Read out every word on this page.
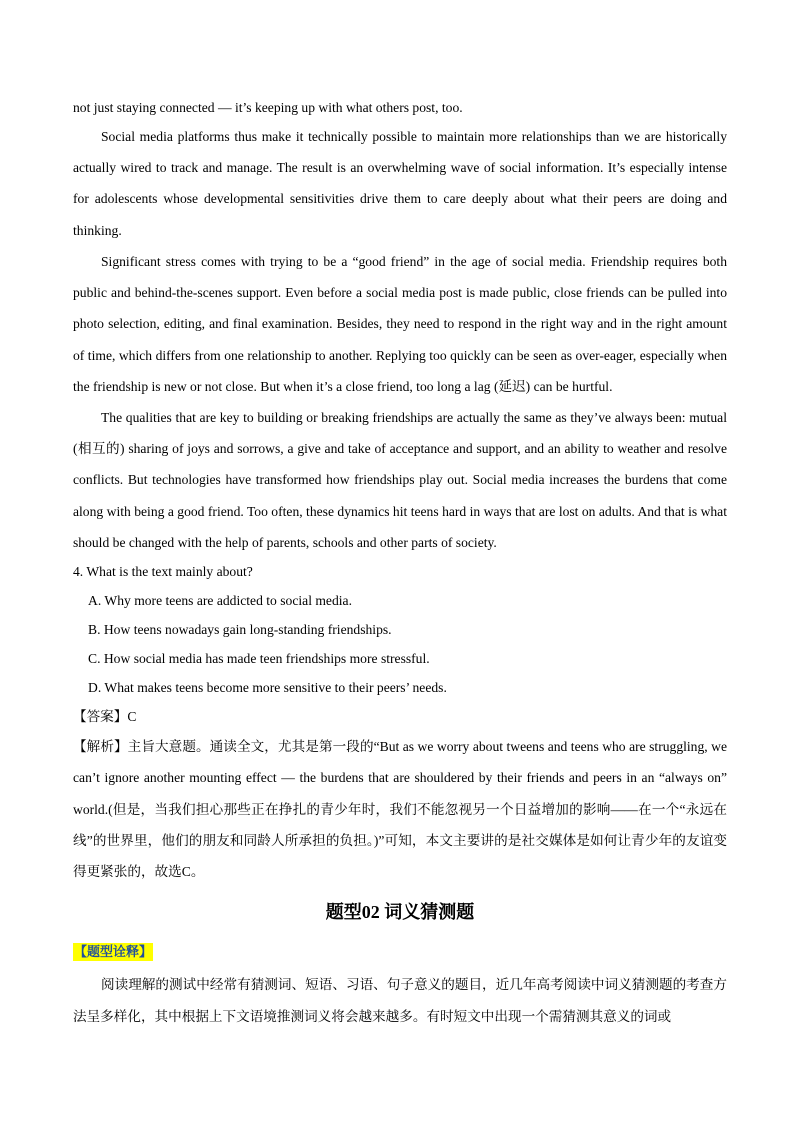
not just staying connected — it’s keeping up with what others post, too.

Social media platforms thus make it technically possible to maintain more relationships than we are historically actually wired to track and manage. The result is an overwhelming wave of social information. It’s especially intense for adolescents whose developmental sensitivities drive them to care deeply about what their peers are doing and thinking.

Significant stress comes with trying to be a “good friend” in the age of social media. Friendship requires both public and behind-the-scenes support. Even before a social media post is made public, close friends can be pulled into photo selection, editing, and final examination. Besides, they need to respond in the right way and in the right amount of time, which differs from one relationship to another. Replying too quickly can be seen as over-eager, especially when the friendship is new or not close. But when it’s a close friend, too long a lag (延迟) can be hurtful.

The qualities that are key to building or breaking friendships are actually the same as they’ve always been: mutual (相互的) sharing of joys and sorrows, a give and take of acceptance and support, and an ability to weather and resolve conflicts. But technologies have transformed how friendships play out. Social media increases the burdens that come along with being a good friend. Too often, these dynamics hit teens hard in ways that are lost on adults. And that is what should be changed with the help of parents, schools and other parts of society.

4. What is the text mainly about?

A. Why more teens are addicted to social media.

B. How teens nowadays gain long-standing friendships.

C. How social media has made teen friendships more stressful.

D. What makes teens become more sensitive to their peers’ needs.

【答案】C

【解析】主旨大意题。通读全文，尤其是第一段的“But as we worry about tweens and teens who are struggling, we can’t ignore another mounting effect — the burdens that are shouldered by their friends and peers in an “always on” world.(但是，当我们担心那些正在挣扎的青少年时，我们不能忽视另一个日益增加的影响——在一个“永远在线”的世界里，他们的朋友和同龄人所承担的负担。)”可知，本文主要讲的是社交媒体是如何让青少年的友谊变得更紧张的，故选C。

题型02 词义猜测题

【题型诠释】

阅读理解的测试中经常有猜测词、短语、习语、句子意义的题目，近几年高考阅读中词义猜测题的考查方法呈多样化，其中根据上下文语境推测词义将会越来越多。有时短文中出现一个需猜测其意义的词或
